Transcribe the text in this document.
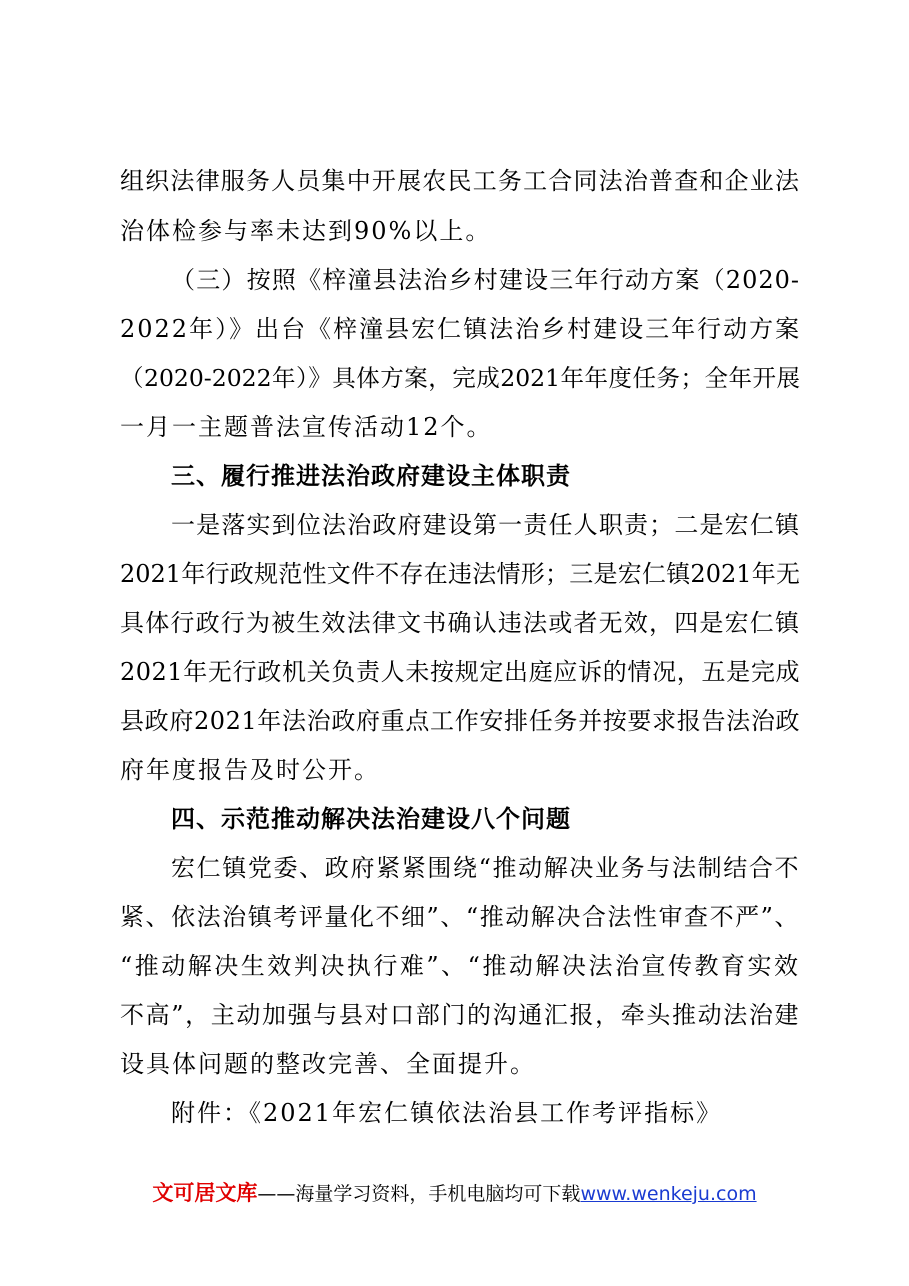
组织法律服务人员集中开展农民工务工合同法治普查和企业法
治体检参与率未达到90%以上。
（三）按照《梓潼县法治乡村建设三年行动方案（2020-
2022年）》出台《梓潼县宏仁镇法治乡村建设三年行动方案
（2020-2022年）》具体方案，完成2021年年度任务；全年开展
一月一主题普法宣传活动12个。
三、履行推进法治政府建设主体职责
一是落实到位法治政府建设第一责任人职责；二是宏仁镇
2021年行政规范性文件不存在违法情形；三是宏仁镇2021年无
具体行政行为被生效法律文书确认违法或者无效，四是宏仁镇
2021年无行政机关负责人未按规定出庭应诉的情况，五是完成
县政府2021年法治政府重点工作安排任务并按要求报告法治政
府年度报告及时公开。
四、示范推动解决法治建设八个问题
宏仁镇党委、政府紧紧围绕“推动解决业务与法制结合不
紧、依法治镇考评量化不细”、“推动解决合法性审查不严”、
“推动解决生效判决执行难”、“推动解决法治宣传教育实效
不高”，主动加强与县对口部门的沟通汇报，牵头推动法治建
设具体问题的整改完善、全面提升。
附件：《2021年宏仁镇依法治县工作考评指标》
文可居文库——海量学习资料，手机电脑均可下载www.wenkeju.com
